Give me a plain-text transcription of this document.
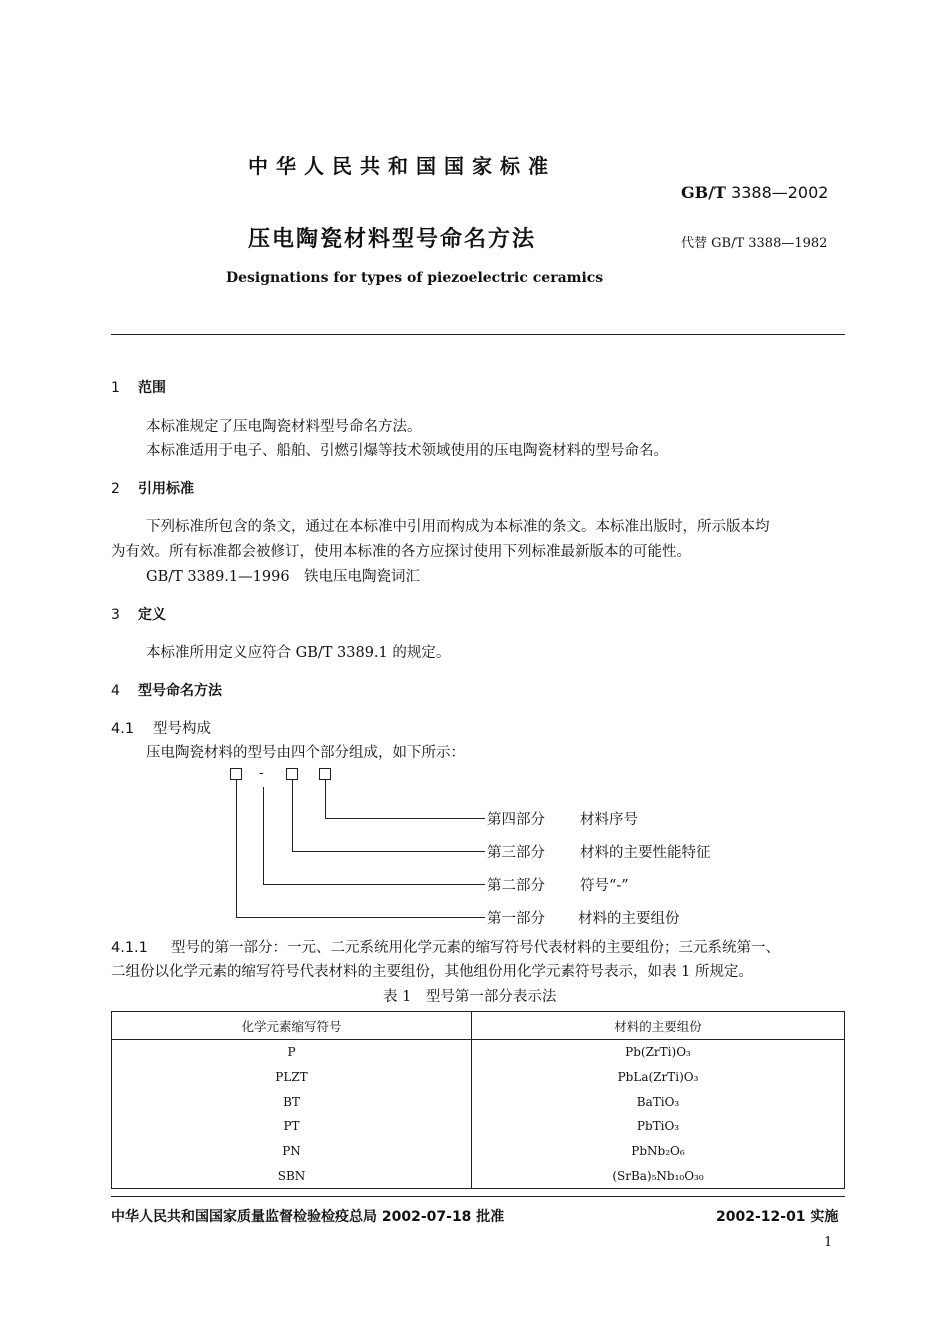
中华人民共和国国家标准
GB/T 3388—2002
压电陶瓷材料型号命名方法	代替 GB/T 3388—1982
Designations for types of piezoelectric ceramics
1 范围
本标准规定了压电陶瓷材料型号命名方法。
本标准适用于电子、船舶、引燃引爆等技术领域使用的压电陶瓷材料的型号命名。
2 引用标准
下列标准所包含的条文，通过在本标准中引用而构成为本标准的条文。本标准出版时，所示版本均
为有效。所有标准都会被修订，使用本标准的各方应探讨使用下列标准最新版本的可能性。
GB/T 3389.1—1996　铁电压电陶瓷词汇
3 定义
本标准所用定义应符合 GB/T 3389.1 的规定。
4 型号命名方法
4.1 型号构成
压电陶瓷材料的型号由四个部分组成，如下所示：
-
第四部分 材料序号
第三部分 材料的主要性能特征
第二部分 符号“-”
第一部分 材料的主要组份
4.1.1 型号的第一部分：一元、二元系统用化学元素的缩写符号代表材料的主要组份；三元系统第一、
二组份以化学元素的缩写符号代表材料的主要组份，其他组份用化学元素符号表示，如表 1 所规定。
表 1　型号第一部分表示法
化学元素缩写符号	材料的主要组份
P	Pb(ZrTi)O₃
PLZT	PbLa(ZrTi)O₃
BT	BaTiO₃
PT	PbTiO₃
PN	PbNb₂O₆
SBN	(SrBa)₅Nb₁₀O₃₀
中华人民共和国国家质量监督检验检疫总局 2002-07-18 批准	2002-12-01 实施
1
